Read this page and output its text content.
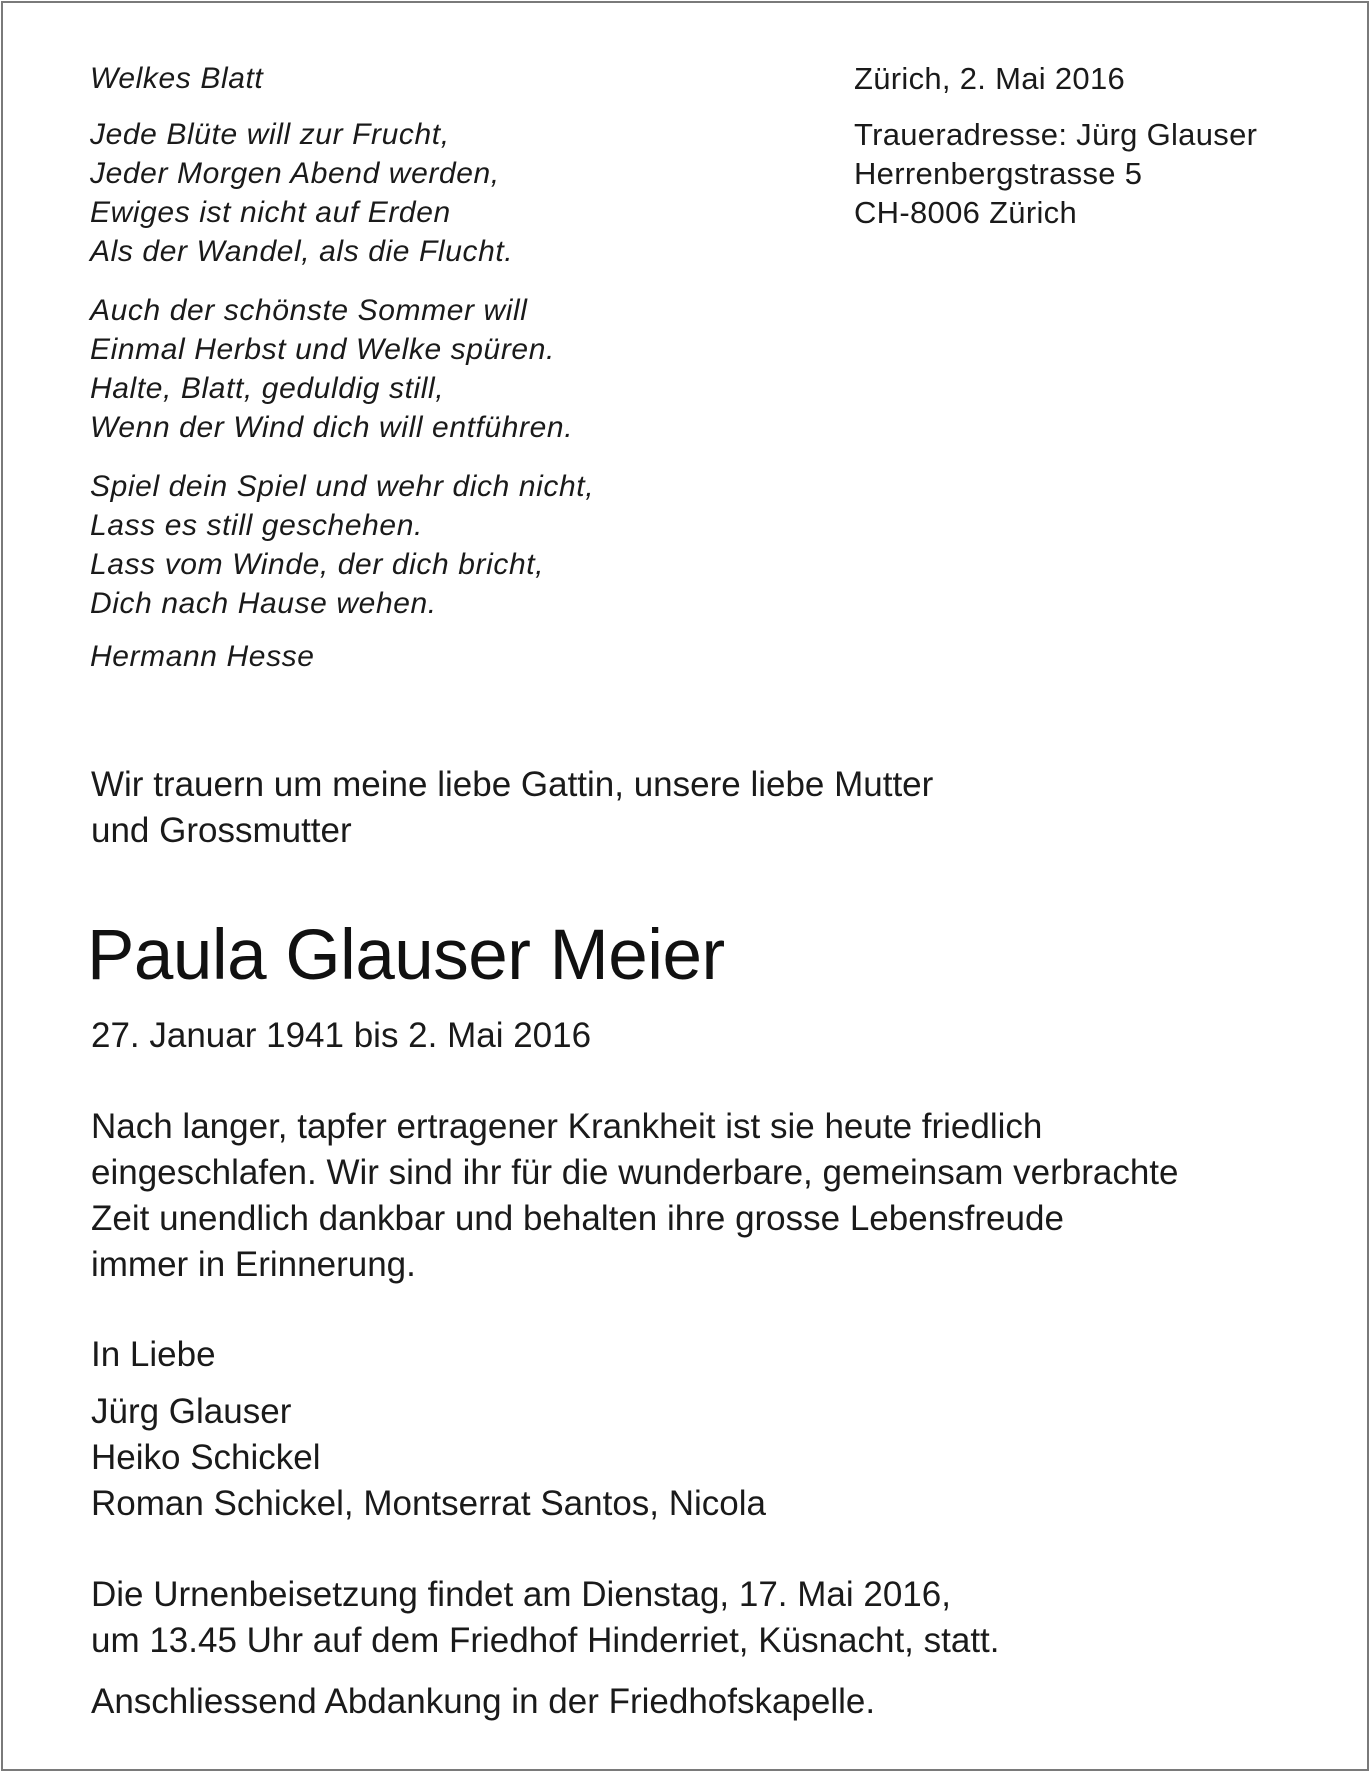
Welkes Blatt
Jede Blüte will zur Frucht,
Jeder Morgen Abend werden,
Ewiges ist nicht auf Erden
Als der Wandel, als die Flucht.
Auch der schönste Sommer will
Einmal Herbst und Welke spüren.
Halte, Blatt, geduldig still,
Wenn der Wind dich will entführen.
Spiel dein Spiel und wehr dich nicht,
Lass es still geschehen.
Lass vom Winde, der dich bricht,
Dich nach Hause wehen.
Hermann Hesse
Zürich, 2. Mai 2016
Traueradresse: Jürg Glauser
Herrenbergstrasse 5
CH-8006 Zürich
Wir trauern um meine liebe Gattin, unsere liebe Mutter
und Grossmutter
Paula Glauser Meier
27. Januar 1941 bis 2. Mai 2016
Nach langer, tapfer ertragener Krankheit ist sie heute friedlich
eingeschlafen. Wir sind ihr für die wunderbare, gemeinsam verbrachte
Zeit unendlich dankbar und behalten ihre grosse Lebensfreude
immer in Erinnerung.
In Liebe
Jürg Glauser
Heiko Schickel
Roman Schickel, Montserrat Santos, Nicola
Die Urnenbeisetzung findet am Dienstag, 17. Mai 2016,
um 13.45 Uhr auf dem Friedhof Hinderriet, Küsnacht, statt.
Anschliessend Abdankung in der Friedhofskapelle.
